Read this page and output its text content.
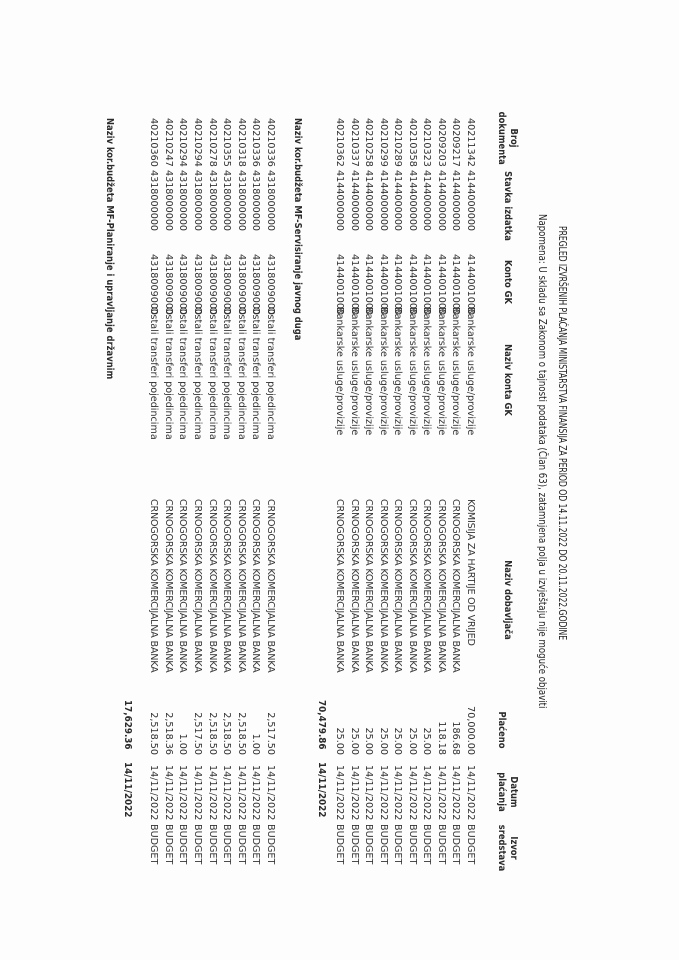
PREGLED IZVRŠENIH PLAĆANJA MINISTARSTVA FINANSIJA ZA PERIOD OD 14.11.2022 DO 20.11.2022.GODINE
Napomena: U skladu sa Zakonom o tajnosti podataka (Član 63), zatamnjena polja u izvještaju nije moguće objaviti
Broj
dokumenta
Stavka izdatka
Konto GK
Naziv konta GK
Naziv dobavljača
Plaćeno
Datum
plaćanja
Izvor
sredstava
40211342
4144000000
4144001000
Bankarske usluge/provizije
KOMISIJA ZA HARTIJE OD VRIJED
70,000.00
14/11/2022
BUDGET
40209217
4144000000
4144001000
Bankarske usluge/provizije
CRNOGORSKA KOMERCIJALNA BANKA
186.68
14/11/2022
BUDGET
40209203
4144000000
4144001000
Bankarske usluge/provizije
CRNOGORSKA KOMERCIJALNA BANKA
118.18
14/11/2022
BUDGET
40210323
4144000000
4144001000
Bankarske usluge/provizije
CRNOGORSKA KOMERCIJALNA BANKA
25.00
14/11/2022
BUDGET
40210358
4144000000
4144001000
Bankarske usluge/provizije
CRNOGORSKA KOMERCIJALNA BANKA
25.00
14/11/2022
BUDGET
40210289
4144000000
4144001000
Bankarske usluge/provizije
CRNOGORSKA KOMERCIJALNA BANKA
25.00
14/11/2022
BUDGET
40210299
4144000000
4144001000
Bankarske usluge/provizije
CRNOGORSKA KOMERCIJALNA BANKA
25.00
14/11/2022
BUDGET
40210258
4144000000
4144001000
Bankarske usluge/provizije
CRNOGORSKA KOMERCIJALNA BANKA
25.00
14/11/2022
BUDGET
40210337
4144000000
4144001000
Bankarske usluge/provizije
CRNOGORSKA KOMERCIJALNA BANKA
25.00
14/11/2022
BUDGET
40210362
4144000000
4144001000
Bankarske usluge/provizije
CRNOGORSKA KOMERCIJALNA BANKA
25.00
14/11/2022
BUDGET
70,479.86
14/11/2022
Naziv kor.budžeta MF-Servisiranje javnog duga
40210336
4318000000
4318009000
Ostali transferi pojedincima
CRNOGORSKA KOMERCIJALNA BANKA
2,517.50
14/11/2022
BUDGET
40210336
4318000000
4318009000
Ostali transferi pojedincima
CRNOGORSKA KOMERCIJALNA BANKA
1.00
14/11/2022
BUDGET
40210318
4318000000
4318009000
Ostali transferi pojedincima
CRNOGORSKA KOMERCIJALNA BANKA
2,518.50
14/11/2022
BUDGET
40210355
4318000000
4318009000
Ostali transferi pojedincima
CRNOGORSKA KOMERCIJALNA BANKA
2,518.50
14/11/2022
BUDGET
40210278
4318000000
4318009000
Ostali transferi pojedincima
CRNOGORSKA KOMERCIJALNA BANKA
2,518.50
14/11/2022
BUDGET
40210294
4318000000
4318009000
Ostali transferi pojedincima
CRNOGORSKA KOMERCIJALNA BANKA
2,517.50
14/11/2022
BUDGET
40210294
4318000000
4318009000
Ostali transferi pojedincima
CRNOGORSKA KOMERCIJALNA BANKA
1.00
14/11/2022
BUDGET
40210247
4318000000
4318009000
Ostali transferi pojedincima
CRNOGORSKA KOMERCIJALNA BANKA
2,518.36
14/11/2022
BUDGET
40210360
4318000000
4318009000
Ostali transferi pojedincima
CRNOGORSKA KOMERCIJALNA BANKA
2,518.50
14/11/2022
BUDGET
17,629.36
14/11/2022
Naziv kor.budžeta MF-Planiranje i upravljanje državnim
